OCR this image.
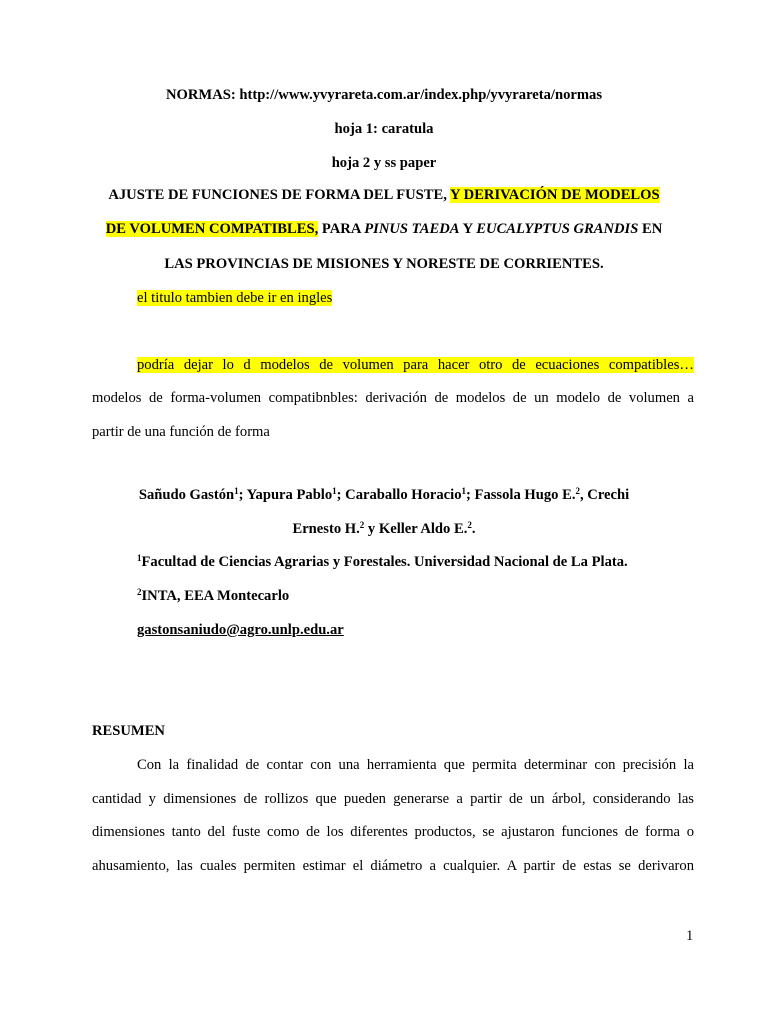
NORMAS: http://www.yvyrareta.com.ar/index.php/yvyrareta/normas

hoja 1: caratula

hoja 2 y ss paper

AJUSTE DE FUNCIONES DE FORMA DEL FUSTE, Y DERIVACIÓN DE MODELOS

DE VOLUMEN COMPATIBLES, PARA PINUS TAEDA Y EUCALYPTUS GRANDIS EN

LAS PROVINCIAS DE MISIONES Y NORESTE DE CORRIENTES.

el titulo tambien debe ir en ingles

podría dejar lo d modelos de volumen para hacer otro de ecuaciones compatibles…

modelos de forma-volumen compatibnbles: derivación de modelos de un modelo de volumen a

partir de una función de forma

Sañudo Gastón$^1$; Yapura Pablo$^1$; Caraballo Horacio$^1$; Fassola Hugo E.$^2$, Crechi

Ernesto H.$^2$ y Keller Aldo E.$^2$.

$^1$Facultad de Ciencias Agrarias y Forestales. Universidad Nacional de La Plata.

$^2$INTA, EEA Montecarlo

gastonsaniudo@agro.unlp.edu.ar

RESUMEN

Con la finalidad de contar con una herramienta que permita determinar con precisión la

cantidad y dimensiones de rollizos que pueden generarse a partir de un árbol, considerando las

dimensiones tanto del fuste como de los diferentes productos, se ajustaron funciones de forma o

ahusamiento, las cuales permiten estimar el diámetro a cualquier. A partir de estas se derivaron

1
